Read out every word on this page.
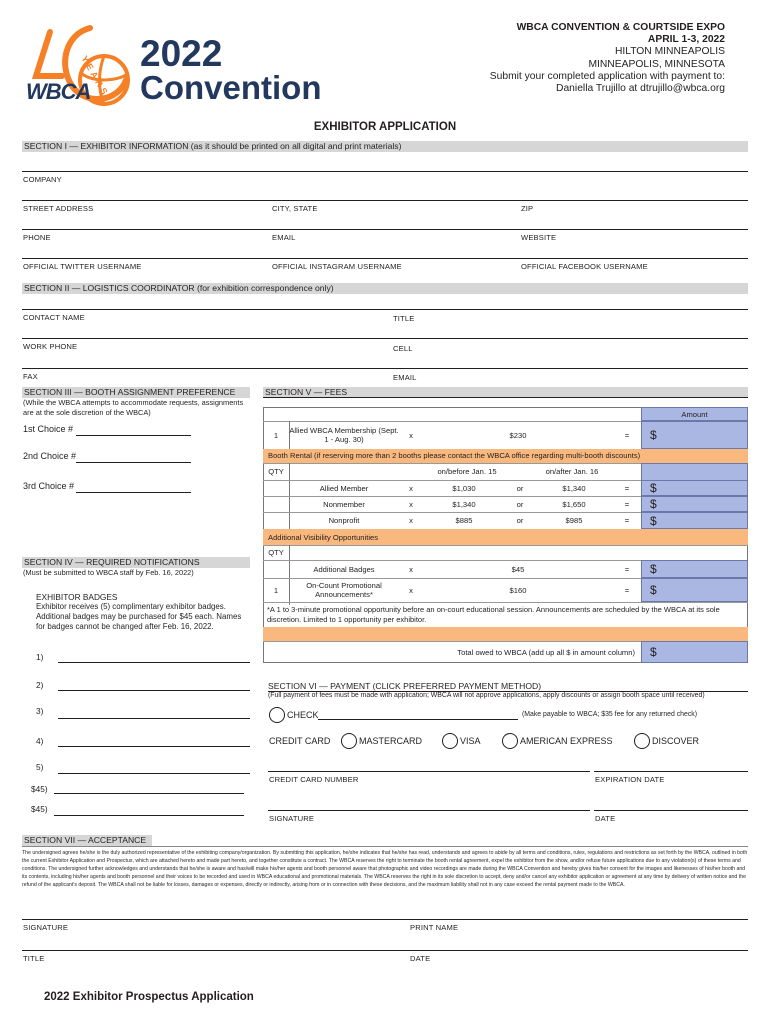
YEARS
WBCA
2022
Convention
WBCA CONVENTION & COURTSIDE EXPO
APRIL 1-3, 2022
HILTON MINNEAPOLIS
MINNEAPOLIS, MINNESOTA
Submit your completed application with payment to:
Daniella Trujillo at dtrujillo@wbca.org
EXHIBITOR APPLICATION
SECTION I — EXHIBITOR INFORMATION (as it should be printed on all digital and print materials)
COMPANY
STREET ADDRESS	CITY, STATE	ZIP
PHONE	EMAIL	WEBSITE
OFFICIAL TWITTER USERNAME	OFFICIAL INSTAGRAM USERNAME	OFFICIAL FACEBOOK USERNAME
SECTION II — LOGISTICS COORDINATOR (for exhibition correspondence only)
CONTACT NAME	TITLE
WORK PHONE	CELL
FAX	EMAIL
SECTION III — BOOTH ASSIGNMENT PREFERENCE
(While the WBCA attempts to accommodate requests, assignments are at the sole discretion of the WBCA)
1st Choice #
2nd Choice #
3rd Choice #
SECTION IV — REQUIRED NOTIFICATIONS
(Must be submitted to WBCA staff by Feb. 16, 2022)
EXHIBITOR BADGES
Exhibitor receives (5) complimentary exhibitor badges. Additional badges may be purchased for $45 each. Names for badges cannot be changed after Feb. 16, 2022.
1)
2)
3)
4)
5)
$45)
$45)
SECTION V — FEES
Amount
1	Allied WBCA Membership (Sept. 1 - Aug. 30)	x	$230	=	$
Booth Rental (if reserving more than 2 booths please contact the WBCA office regarding multi-booth discounts)
QTY	on/before Jan. 15	on/after Jan. 16
Allied Member	x	$1,030	or	$1,340	=	$
Nonmember	x	$1,340	or	$1,650	=	$
Nonprofit	x	$885	or	$985	=	$
Additional Visibility Opportunities
QTY
Additional Badges	x	$45	=	$
1	On-Count Promotional Announcements*	x	$160	=	$
*A 1 to 3-minute promotional opportunity before an on-court educational session. Announcements are scheduled by the WBCA at its sole discretion. Limited to 1 opportunity per exhibitor.
Total owed to WBCA (add up all $ in amount column) $
SECTION VI — PAYMENT (CLICK PREFERRED PAYMENT METHOD)
(Full payment of fees must be made with application; WBCA will not approve applications, apply discounts or assign booth space until received)
CHECK	(Make payable to WBCA; $35 fee for any returned check)
CREDIT CARD	MASTERCARD	VISA	AMERICAN EXPRESS	DISCOVER
CREDIT CARD NUMBER	EXPIRATION DATE
SIGNATURE	DATE
SECTION VII — ACCEPTANCE
The undersigned agrees he/she is the duly authorized representative of the exhibiting company/organization. By submitting this application, he/she indicates that he/she has read, understands and agrees to abide by all terms and conditions, rules, regulations and restrictions as set forth by the WBCA, outlined in both the current Exhibitor Application and Prospectus, which are attached hereto and made part hereto, and together constitute a contract. The WBCA reserves the right to terminate the booth rental agreement, expel the exhibitor from the show, and/or refuse future applications due to any violation(s) of these terms and conditions. The undersigned further acknowledges and understands that he/she is aware and has/will make his/her agents and booth personnel aware that photographic and video recordings are made during the WBCA Convention and hereby gives his/her consent for the images and likenesses of his/her booth and its contents, including his/her agents and booth personnel and their voices to be recorded and used in WBCA educational and promotional materials. The WBCA reserves the right in its sole discretion to accept, deny and/or cancel any exhibitor application or agreement at any time by delivery of written notice and the refund of the applicant's deposit. The WBCA shall not be liable for losses, damages or expenses, directly or indirectly, arising from or in connection with these decisions, and the maximum liability shall not in any case exceed the rental payment made to the WBCA.
SIGNATURE	PRINT NAME
TITLE	DATE
2022 Exhibitor Prospectus Application
